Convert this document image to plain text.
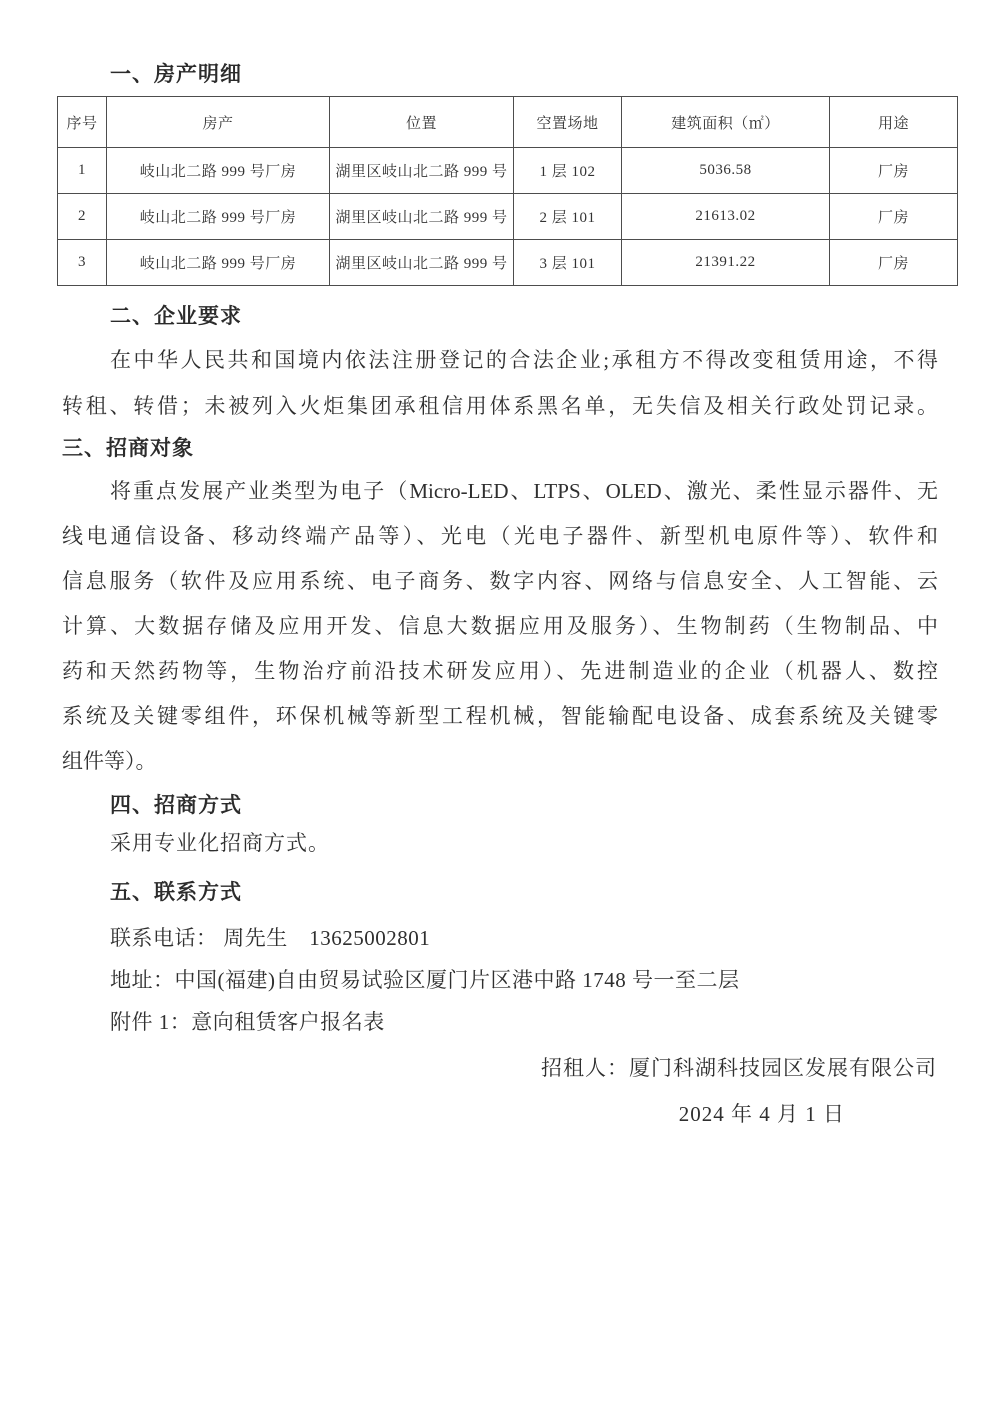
一、房产明细
序号	房产	位置	空置场地	建筑面积（㎡）	用途
1	岐山北二路 999 号厂房	湖里区岐山北二路 999 号	1 层 102	5036.58	厂房
2	岐山北二路 999 号厂房	湖里区岐山北二路 999 号	2 层 101	21613.02	厂房
3	岐山北二路 999 号厂房	湖里区岐山北二路 999 号	3 层 101	21391.22	厂房
二、企业要求
在中华人民共和国境内依法注册登记的合法企业;承租方不得改变租赁用途，不得
转租、转借；未被列入火炬集团承租信用体系黑名单，无失信及相关行政处罚记录。
三、招商对象
将重点发展产业类型为电子（Micro-LED、LTPS、OLED、激光、柔性显示器件、无
线电通信设备、移动终端产品等）、光电（光电子器件、新型机电原件等）、软件和
信息服务（软件及应用系统、电子商务、数字内容、网络与信息安全、人工智能、云
计算、大数据存储及应用开发、信息大数据应用及服务）、生物制药（生物制品、中
药和天然药物等，生物治疗前沿技术研发应用）、先进制造业的企业（机器人、数控
系统及关键零组件，环保机械等新型工程机械，智能输配电设备、成套系统及关键零
组件等）。
四、招商方式
采用专业化招商方式。
五、联系方式
联系电话： 周先生　13625002801
地址：中国(福建)自由贸易试验区厦门片区港中路 1748 号一至二层
附件 1：意向租赁客户报名表
招租人：厦门科湖科技园区发展有限公司
2024 年 4 月 1 日
